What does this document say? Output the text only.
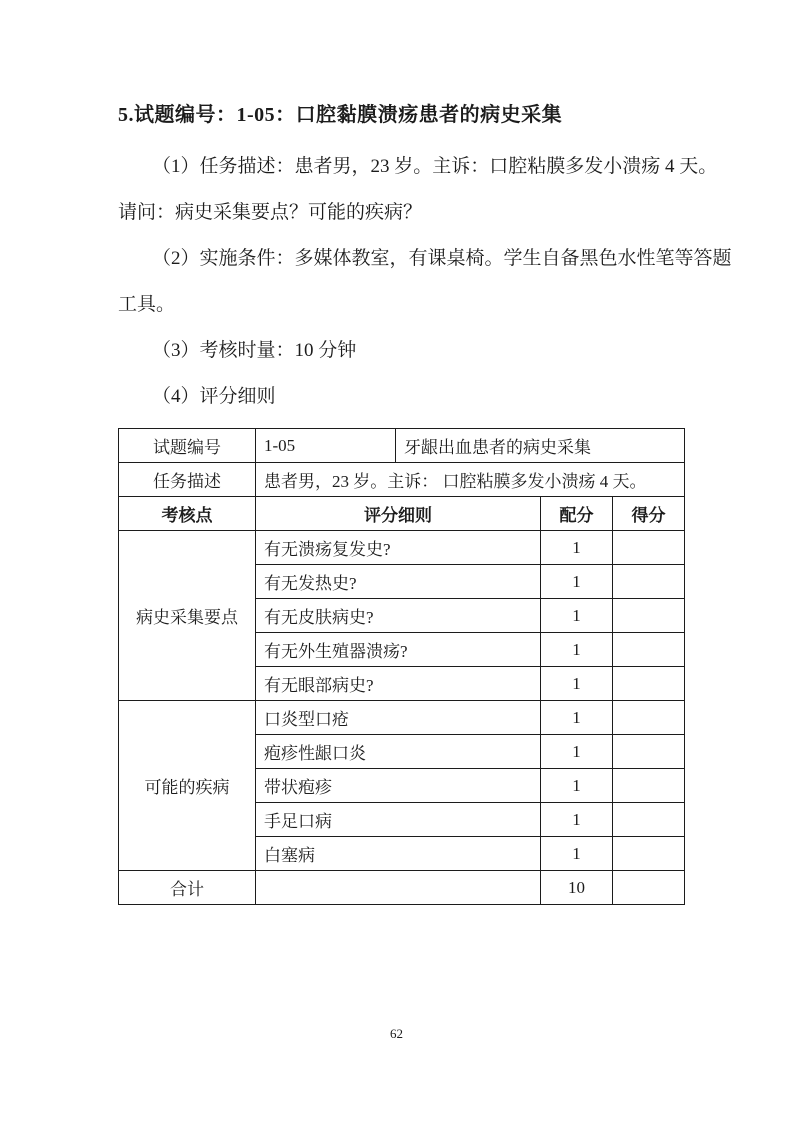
5.试题编号：1-05：口腔黏膜溃疡患者的病史采集

（1）任务描述：患者男，23 岁。主诉：口腔粘膜多发小溃疡 4 天。

请问：病史采集要点？可能的疾病？

（2）实施条件：多媒体教室，有课桌椅。学生自备黑色水性笔等答题

工具。

（3）考核时量：10 分钟

（4）评分细则

试题编号	1-05	牙龈出血患者的病史采集		
任务描述	患者男，23 岁。主诉： 口腔粘膜多发小溃疡 4 天。			
考核点	评分细则		配分	得分
病史采集要点	有无溃疡复发史?		1	
	有无发热史?		1	
	有无皮肤病史?		1	
	有无外生殖器溃疡?		1	
	有无眼部病史?		1	
可能的疾病	口炎型口疮		1	
	疱疹性龈口炎		1	
	带状疱疹		1	
	手足口病		1	
	白塞病		1	
合计			10	
62
